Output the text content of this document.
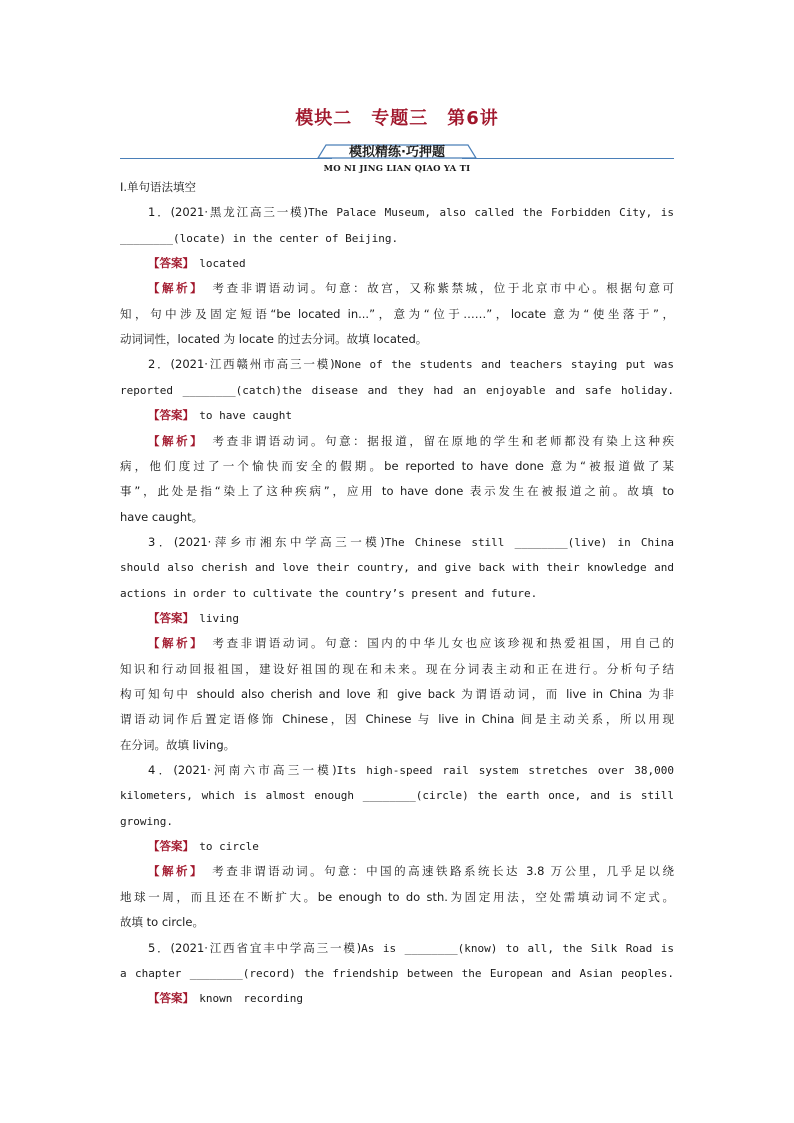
模块二　专题三　第6讲
模拟精练·巧押题
MO NI JING LIAN QIAO YA TI
Ⅰ.单句语法填空
1．(2021·黑龙江高三一模)The Palace Museum, also called the Forbidden City, is
________(locate) in the center of Beijing.
【答案】　located
【解析】　考查非谓语动词。句意：故宫，又称紫禁城，位于北京市中心。根据句意可
知，句中涉及固定短语“be located in...”，意为“位于……”，locate 意为“使坐落于”，
动词词性，located 为 locate 的过去分词。故填 located。
2．(2021·江西赣州市高三一模)None of the students and teachers staying put was
reported ________(catch)the disease and they had an enjoyable and safe holiday.
【答案】　to have caught
【解析】　考查非谓语动词。句意：据报道，留在原地的学生和老师都没有染上这种疾
病，他们度过了一个愉快而安全的假期。be reported to have done 意为“被报道做了某
事”，此处是指“染上了这种疾病”，应用 to have done 表示发生在被报道之前。故填 to
have caught。
3．(2021·萍乡市湘东中学高三一模)The Chinese still ________(live) in China
should also cherish and love their country, and give back with their knowledge and
actions in order to cultivate the country’s present and future.
【答案】　living
【解析】　考查非谓语动词。句意：国内的中华儿女也应该珍视和热爱祖国，用自己的
知识和行动回报祖国，建设好祖国的现在和未来。现在分词表主动和正在进行。分析句子结
构可知句中 should also cherish and love 和 give back 为谓语动词，而 live in China 为非
谓语动词作后置定语修饰 Chinese，因 Chinese 与 live in China 间是主动关系，所以用现
在分词。故填 living。
4．(2021·河南六市高三一模)Its high-speed rail system stretches over 38,000
kilometers, which is almost enough ________(circle) the earth once, and is still
growing.
【答案】　to circle
【解析】　考查非谓语动词。句意：中国的高速铁路系统长达 3.8 万公里，几乎足以绕
地球一周，而且还在不断扩大。be enough to do sth.为固定用法，空处需填动词不定式。
故填 to circle。
5．(2021·江西省宜丰中学高三一模)As is ________(know) to all, the Silk Road is
a chapter ________(record) the friendship between the European and Asian peoples.
【答案】　known　recording
